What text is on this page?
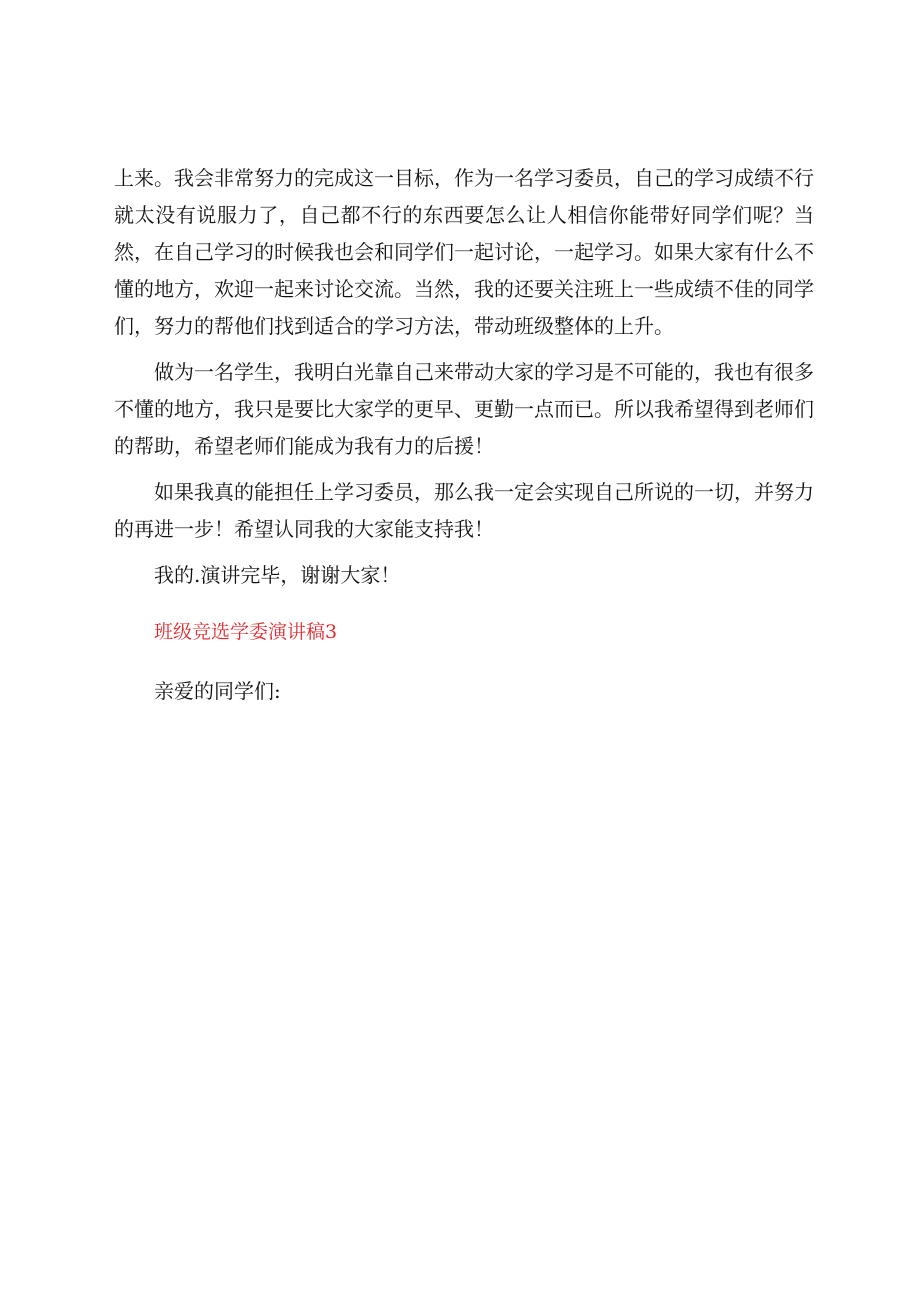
上来。我会非常努力的完成这一目标，作为一名学习委员，自己的学习成绩不行就太没有说服力了，自己都不行的东西要怎么让人相信你能带好同学们呢？当然，在自己学习的时候我也会和同学们一起讨论，一起学习。如果大家有什么不懂的地方，欢迎一起来讨论交流。当然，我的还要关注班上一些成绩不佳的同学们，努力的帮他们找到适合的学习方法，带动班级整体的上升。

做为一名学生，我明白光靠自己来带动大家的学习是不可能的，我也有很多不懂的地方，我只是要比大家学的更早、更勤一点而已。所以我希望得到老师们的帮助，希望老师们能成为我有力的后援！

如果我真的能担任上学习委员，那么我一定会实现自己所说的一切，并努力的再进一步！希望认同我的大家能支持我！

我的.演讲完毕，谢谢大家！

班级竞选学委演讲稿3

亲爱的同学们:
